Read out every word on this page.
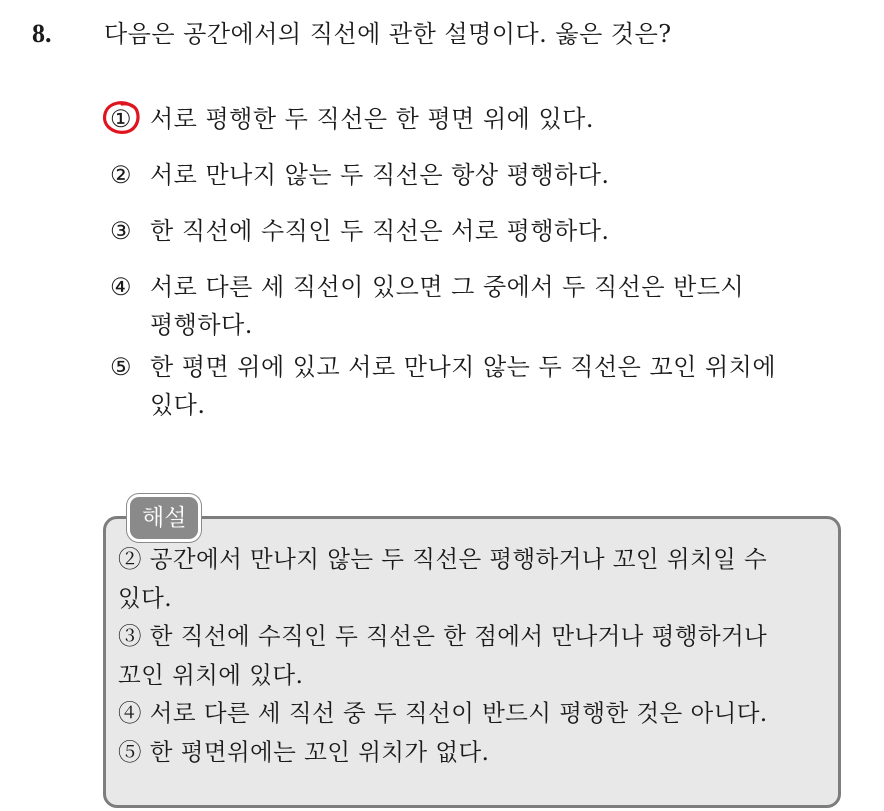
8.	다음은 공간에서의 직선에 관한 설명이다. 옳은 것은?
① 서로 평행한 두 직선은 한 평면 위에 있다.
② 서로 만나지 않는 두 직선은 항상 평행하다.
③ 한 직선에 수직인 두 직선은 서로 평행하다.
④ 서로 다른 세 직선이 있으면 그 중에서 두 직선은 반드시
평행하다.
⑤ 한 평면 위에 있고 서로 만나지 않는 두 직선은 꼬인 위치에
있다.
해설
② 공간에서 만나지 않는 두 직선은 평행하거나 꼬인 위치일 수
있다.
③ 한 직선에 수직인 두 직선은 한 점에서 만나거나 평행하거나
꼬인 위치에 있다.
④ 서로 다른 세 직선 중 두 직선이 반드시 평행한 것은 아니다.
⑤ 한 평면위에는 꼬인 위치가 없다.
